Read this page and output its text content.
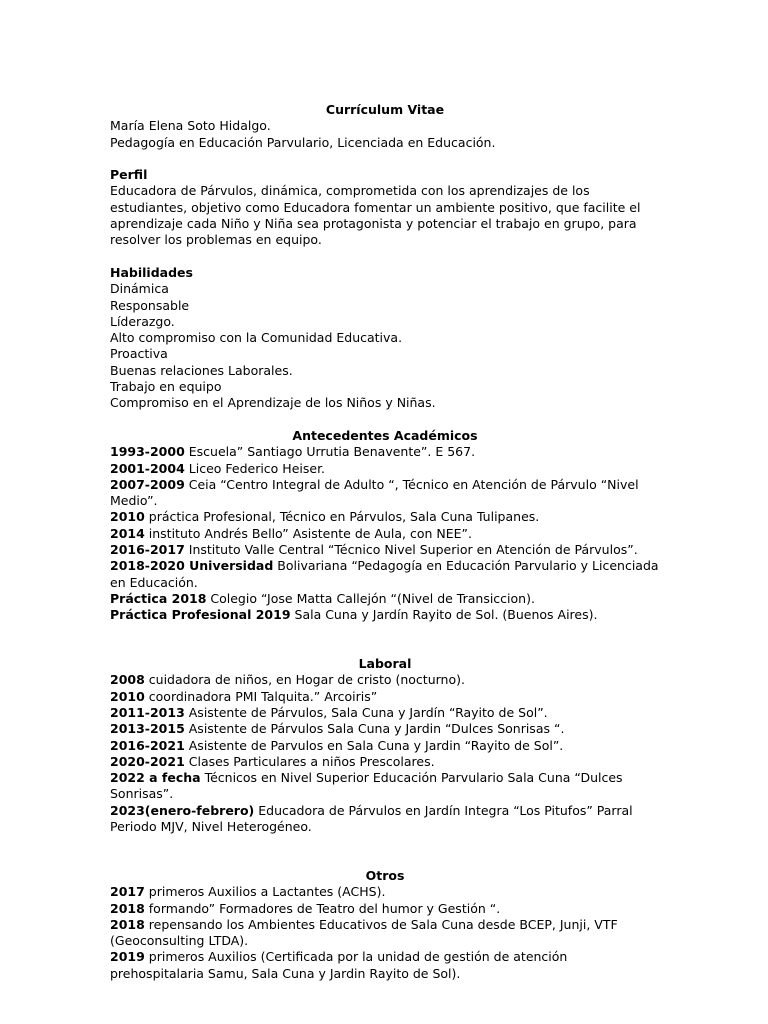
Currículum Vitae

María Elena Soto Hidalgo.

Pedagogía en Educación Parvulario, Licenciada en Educación.

Perfil

Educadora de Párvulos, dinámica, comprometida con los aprendizajes de los estudiantes, objetivo como Educadora fomentar un ambiente positivo, que facilite el aprendizaje cada Niño y Niña sea protagonista y potenciar el trabajo en grupo, para resolver los problemas en equipo.

Habilidades

Dinámica

Responsable

Líderazgo.

Alto compromiso con la Comunidad Educativa.

Proactiva

Buenas relaciones Laborales.

Trabajo en equipo

Compromiso en el Aprendizaje de los Niños y Niñas.

Antecedentes Académicos

1993-2000 Escuela” Santiago Urrutia Benavente”. E 567.

2001-2004 Liceo Federico Heiser.

2007-2009 Ceia “Centro Integral de Adulto “, Técnico en Atención de Párvulo “Nivel Medio”.

2010 práctica Profesional, Técnico en Párvulos, Sala Cuna Tulipanes.

2014 instituto Andrés Bello” Asistente de Aula, con NEE”.

2016-2017 Instituto Valle Central “Técnico Nivel Superior en Atención de Párvulos”.

2018-2020 Universidad Bolivariana “Pedagogía en Educación Parvulario y Licenciada en Educación.

Práctica 2018 Colegio “Jose Matta Callejón “(Nivel de Transiccion).

Práctica Profesional 2019 Sala Cuna y Jardín Rayito de Sol. (Buenos Aires).

Laboral

2008 cuidadora de niños, en Hogar de cristo (nocturno).

2010 coordinadora PMI Talquita.” Arcoiris”

2011-2013 Asistente de Párvulos, Sala Cuna y Jardín “Rayito de Sol”.

2013-2015 Asistente de Párvulos Sala Cuna y Jardin “Dulces Sonrisas “.

2016-2021 Asistente de Parvulos en Sala Cuna y Jardin “Rayito de Sol”.

2020-2021 Clases Particulares a niños Prescolares.

2022 a fecha Técnicos en Nivel Superior Educación Parvulario Sala Cuna “Dulces Sonrisas”.

2023(enero-febrero) Educadora de Párvulos en Jardín Integra “Los Pitufos” Parral Periodo MJV, Nivel Heterogéneo.

Otros

2017 primeros Auxilios a Lactantes (ACHS).

2018 formando” Formadores de Teatro del humor y Gestión “.

2018 repensando los Ambientes Educativos de Sala Cuna desde BCEP, Junji, VTF (Geoconsulting LTDA).

2019 primeros Auxilios (Certificada por la unidad de gestión de atención prehospitalaria Samu, Sala Cuna y Jardin Rayito de Sol).
